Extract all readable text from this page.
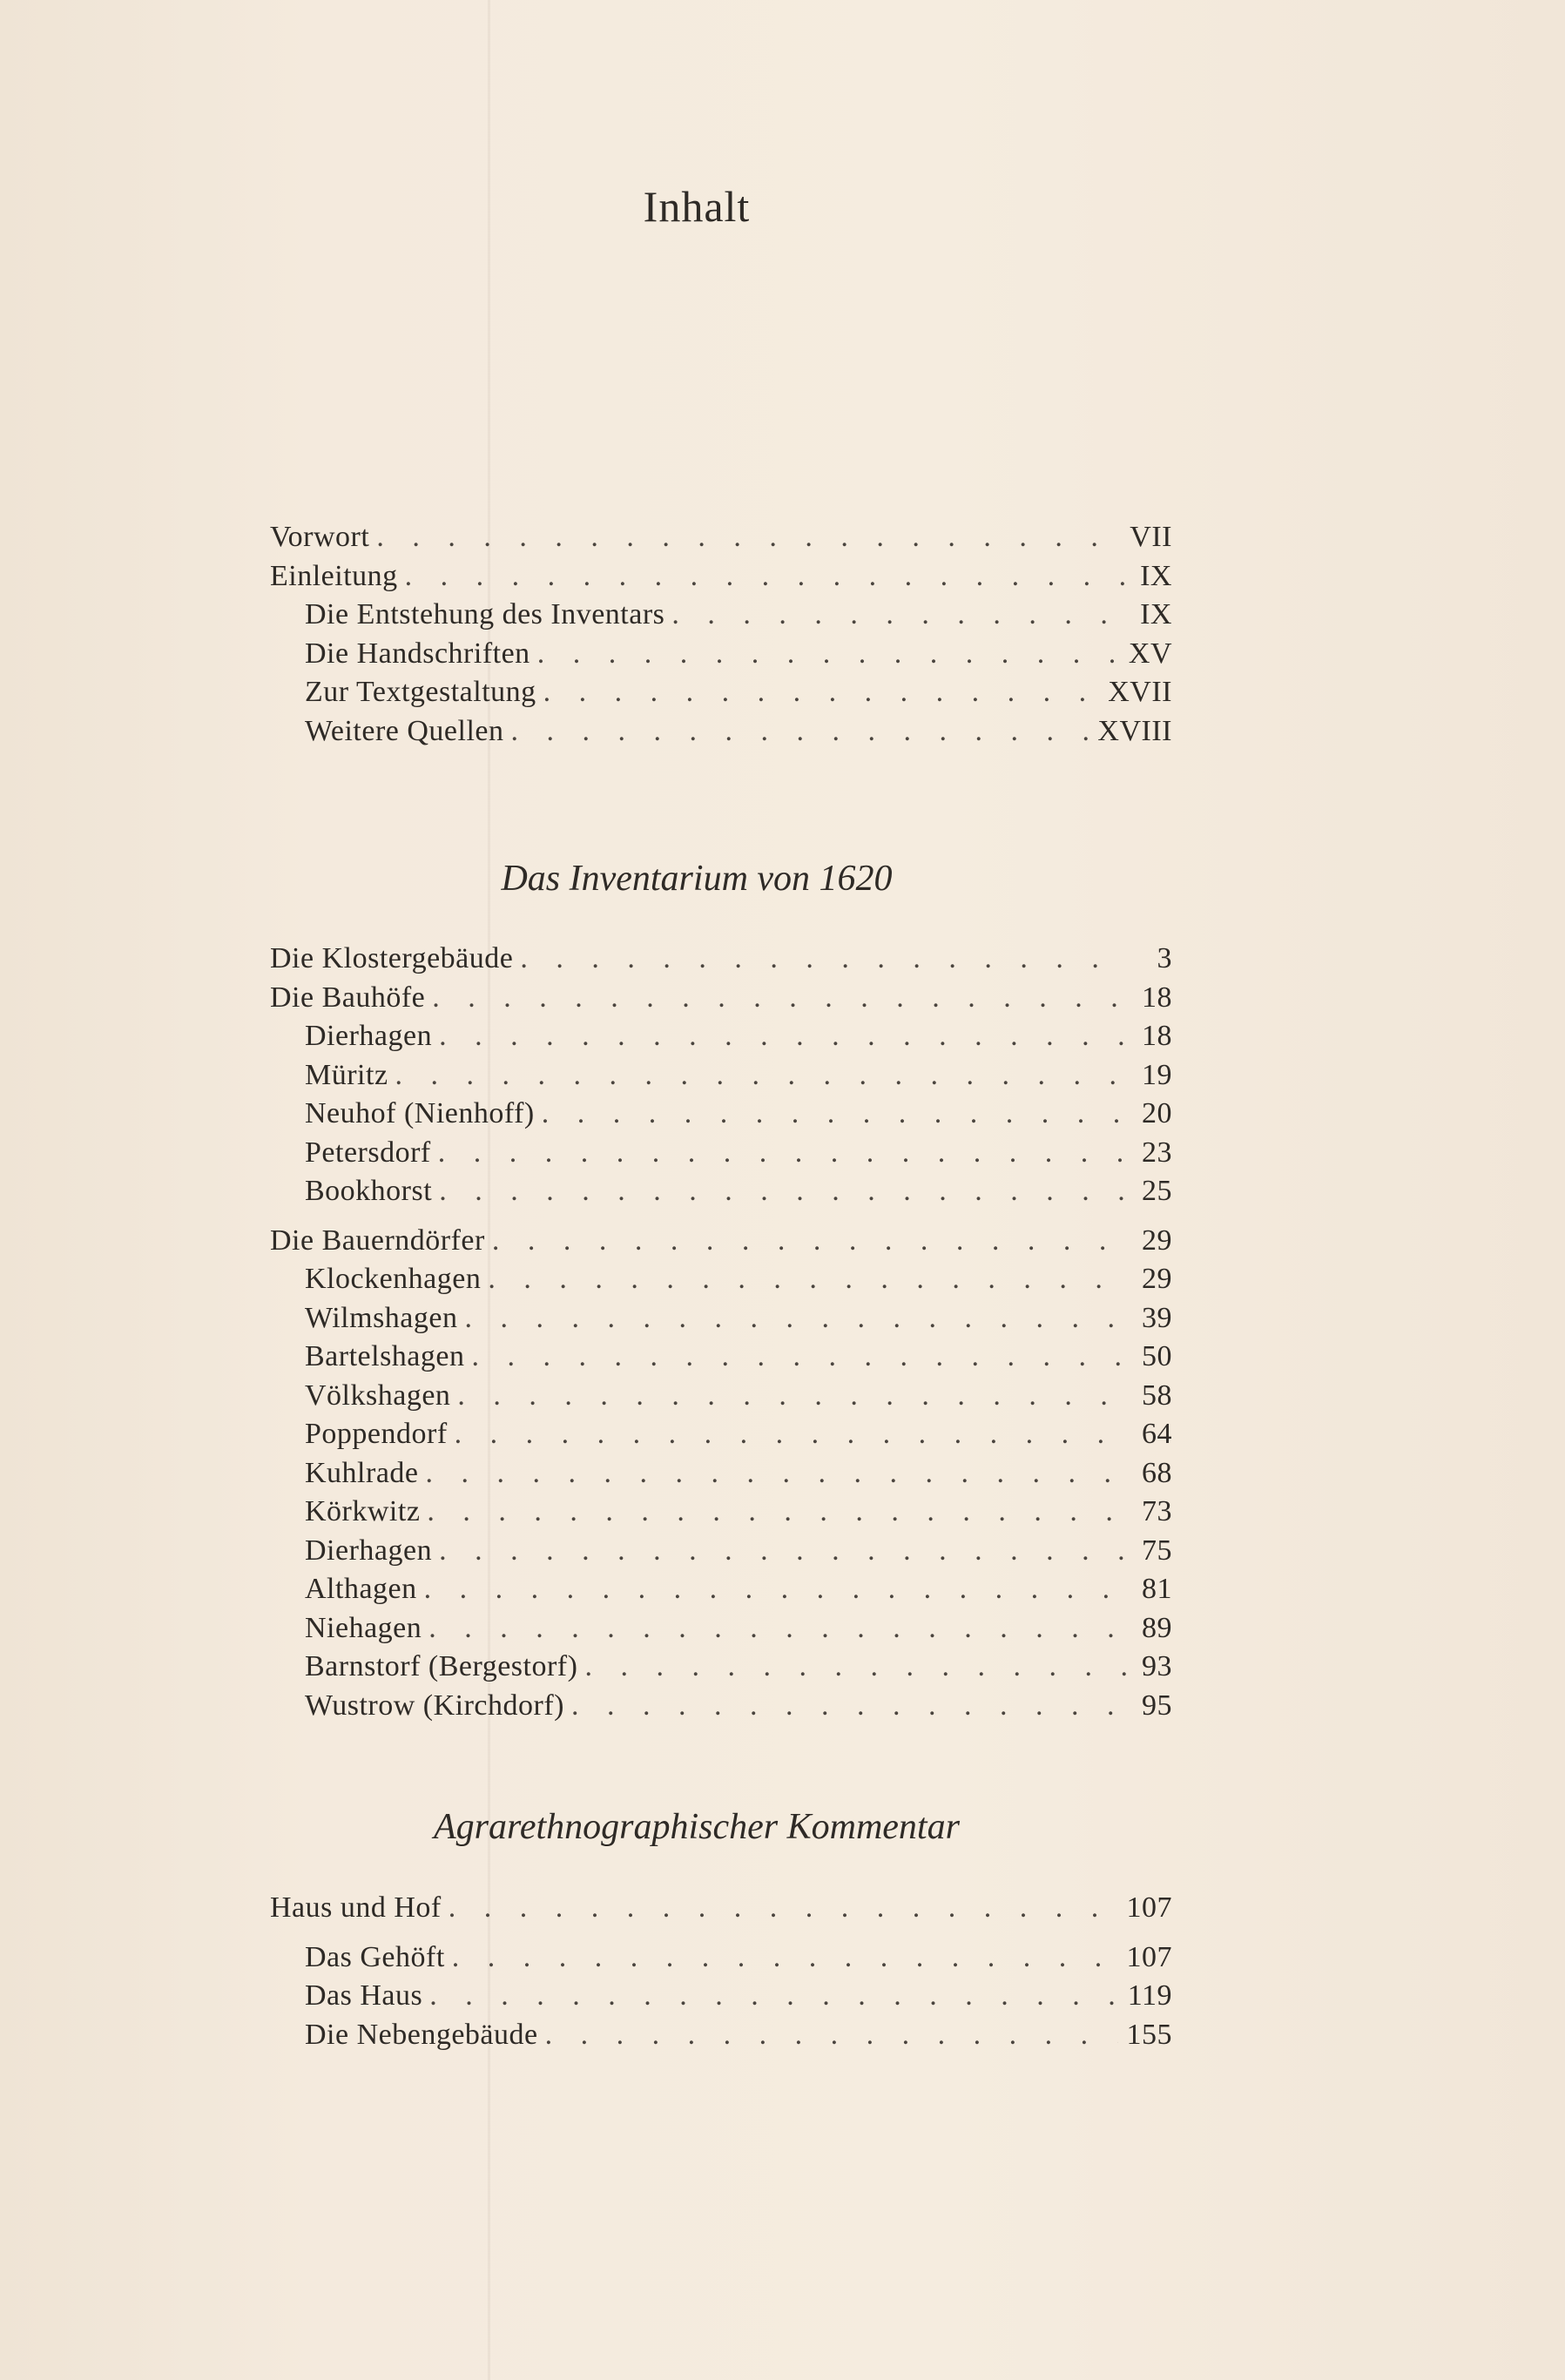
Inhalt
Vorwort . . .	VII
Einleitung . . .	IX
Die Entstehung des Inventars . . .	IX
Die Handschriften . . .	XV
Zur Textgestaltung . . .	XVII
Weitere Quellen . . .	XVIII
Das Inventarium von 1620
Die Klostergebäude . . .	3
Die Bauhöfe . . .	18
Dierhagen . . .	18
Müritz . . .	19
Neuhof (Nienhoff) . . .	20
Petersdorf . . .	23
Bookhorst . . .	25
Die Bauerndörfer . . .	29
Klockenhagen . . .	29
Wilmshagen . . .	39
Bartelshagen . . .	50
Völkshagen . . .	58
Poppendorf . . .	64
Kuhlrade . . .	68
Körkwitz . . .	73
Dierhagen . . .	75
Althagen . . .	81
Niehagen . . .	89
Barnstorf (Bergestorf) . . .	93
Wustrow (Kirchdorf) . . .	95
Agrarethnographischer Kommentar
Haus und Hof . . .	107
Das Gehöft . . .	107
Das Haus . . .	119
Die Nebengebäude . . .	155
